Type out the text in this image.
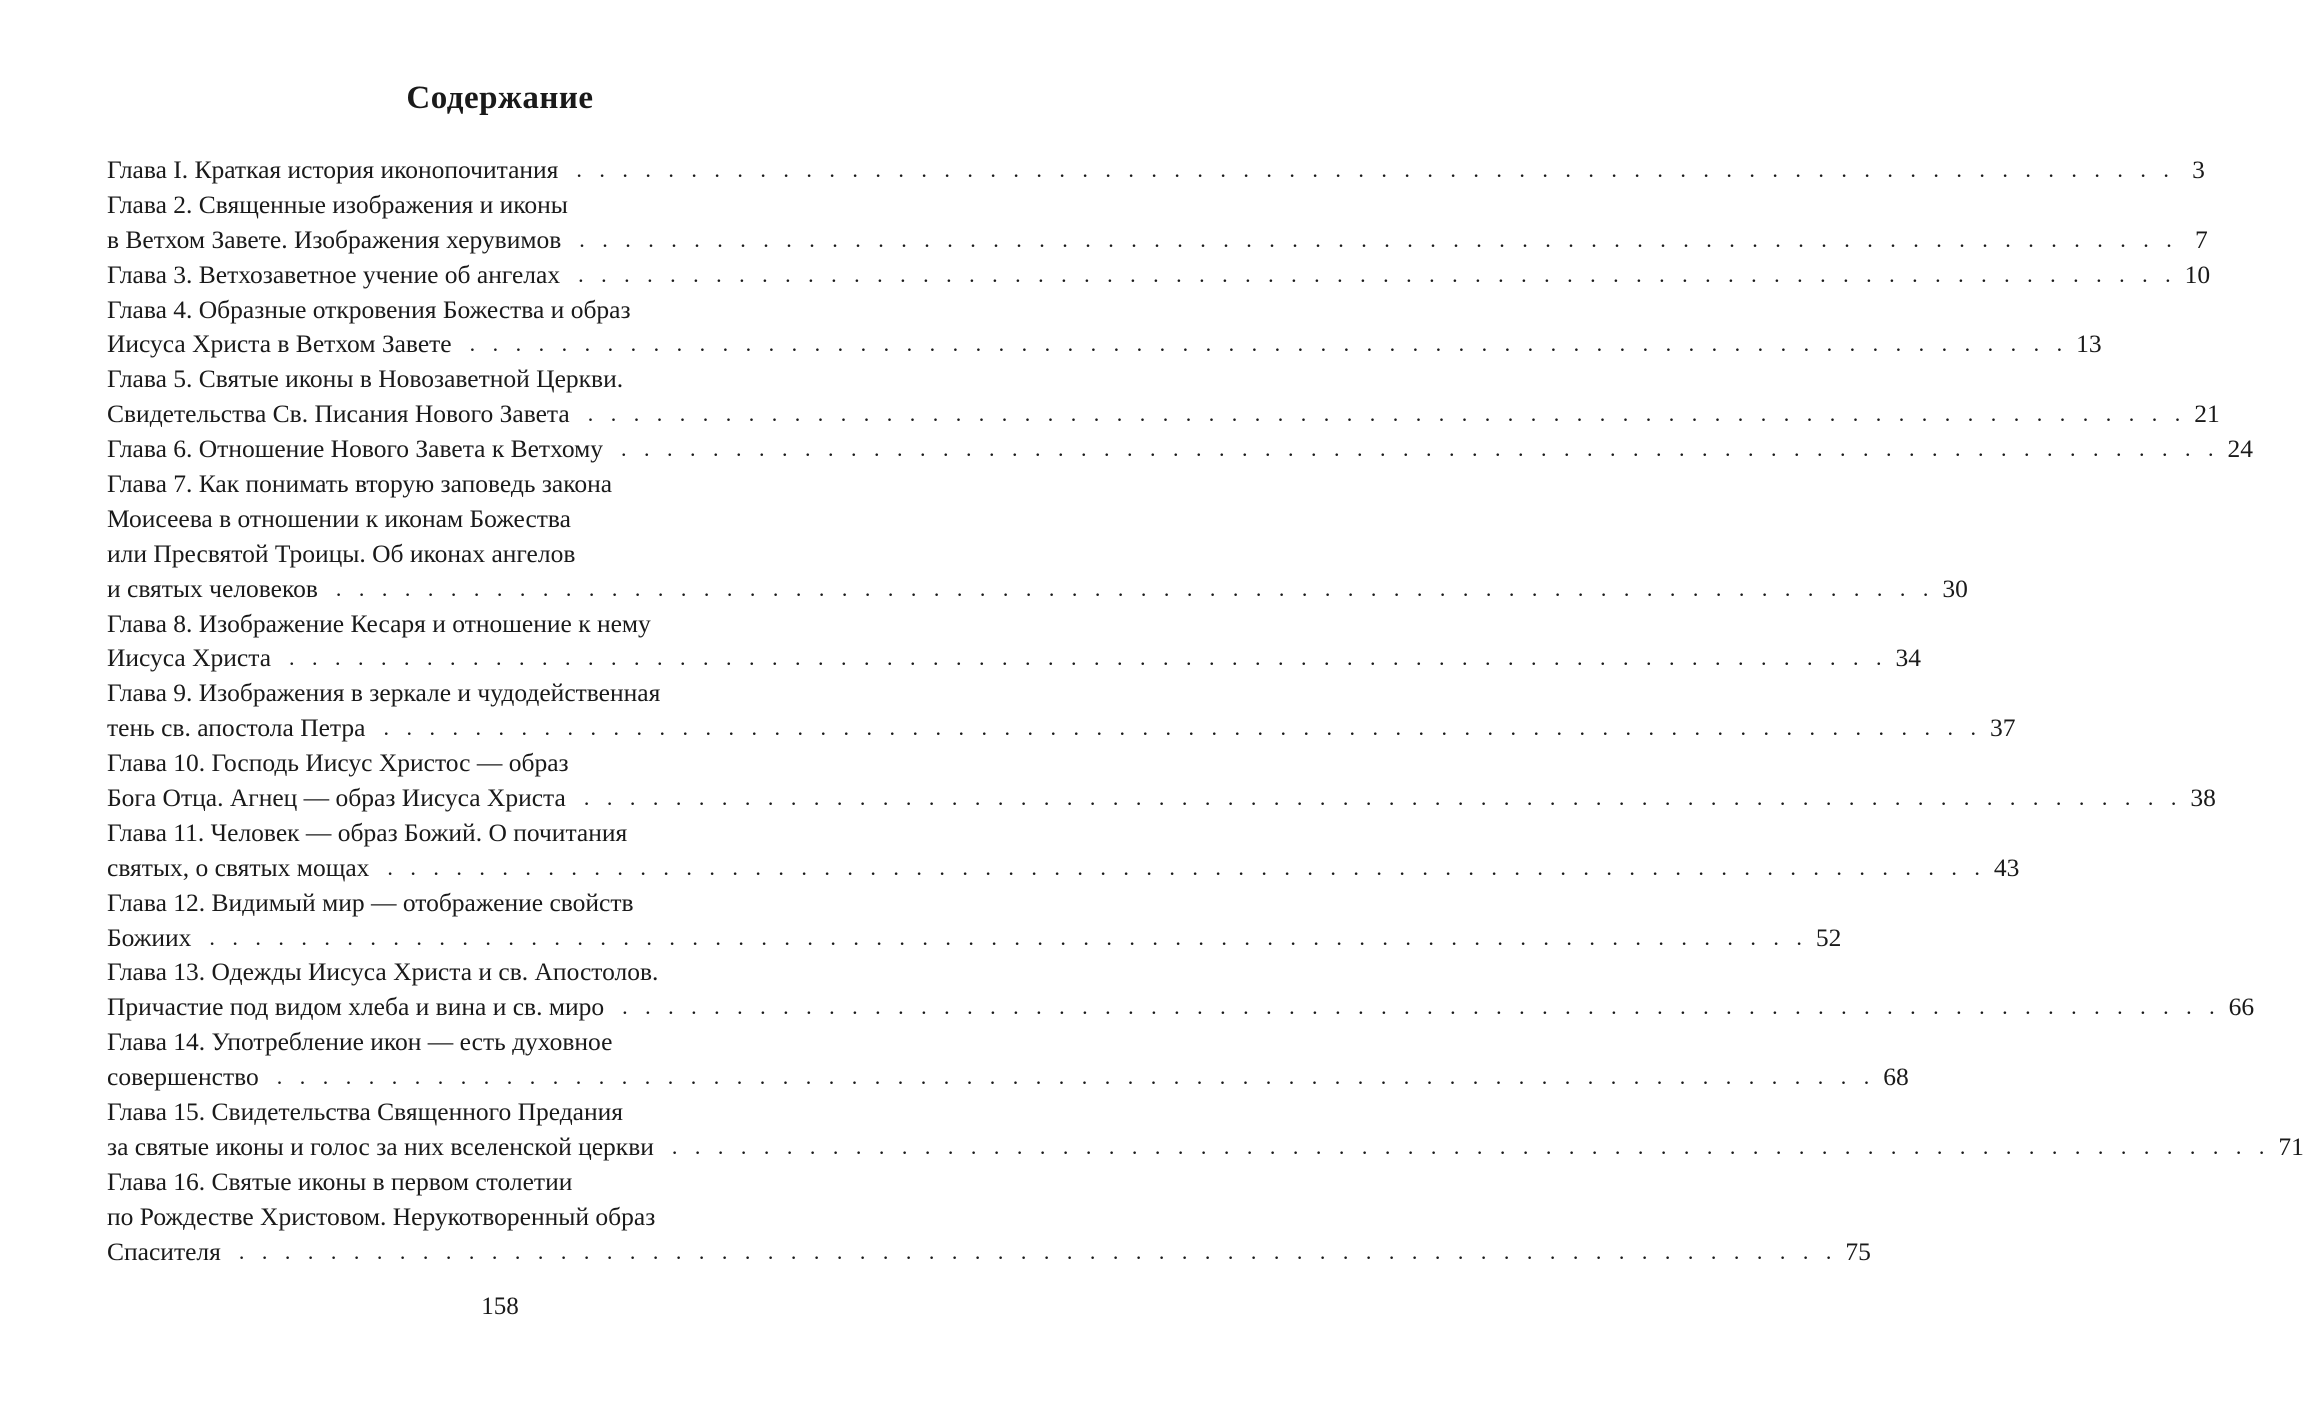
Содержание
Глава I. Краткая история иконопочитания . . . . . . . . . . . . . . . . . . . . . . . . . . . . . . . . . . . . . . . . . . . . . . . . . . . . . . . . . . . . . . . . . . . . . . 3
Глава 2. Священные изображения и иконы
в Ветхом Завете. Изображения херувимов . . . . . . . . . . . . . . . . . . . . . . . . . . . . . . . . . . . . . . . . . . . . . . . . . . . . . . . . . . . . . . . . . . . . . . 7
Глава 3. Ветхозаветное учение об ангелах . . . . . . . . . . . . . . . . . . . . . . . . . . . . . . . . . . . . . . . . . . . . . . . . . . . . . . . . . . . . . . . . . . . . . . 10
Глава 4. Образные откровения Божества и образ
Иисуса Христа в Ветхом Завете . . . . . . . . . . . . . . . . . . . . . . . . . . . . . . . . . . . . . . . . . . . . . . . . . . . . . . . . . . . . . . . . . . . . . . 13
Глава 5. Святые иконы в Новозаветной Церкви.
Свидетельства Св. Писания Нового Завета . . . . . . . . . . . . . . . . . . . . . . . . . . . . . . . . . . . . . . . . . . . . . . . . . . . . . . . . . . . . . . . . . . . . . . 21
Глава 6. Отношение Нового Завета к Ветхому . . . . . . . . . . . . . . . . . . . . . . . . . . . . . . . . . . . . . . . . . . . . . . . . . . . . . . . . . . . . . . . . . . . . . . 24
Глава 7. Как понимать вторую заповедь закона
Моисеева в отношении к иконам Божества
или Пресвятой Троицы. Об иконах ангелов
и святых человеков . . . . . . . . . . . . . . . . . . . . . . . . . . . . . . . . . . . . . . . . . . . . . . . . . . . . . . . . . . . . . . . . . . . . . . 30
Глава 8. Изображение Кесаря и отношение к нему
Иисуса Христа . . . . . . . . . . . . . . . . . . . . . . . . . . . . . . . . . . . . . . . . . . . . . . . . . . . . . . . . . . . . . . . . . . . . . . 34
Глава 9. Изображения в зеркале и чудодейственная
тень св. апостола Петра . . . . . . . . . . . . . . . . . . . . . . . . . . . . . . . . . . . . . . . . . . . . . . . . . . . . . . . . . . . . . . . . . . . . . . 37
Глава 10. Господь Иисус Христос — образ
Бога Отца. Агнец — образ Иисуса Христа . . . . . . . . . . . . . . . . . . . . . . . . . . . . . . . . . . . . . . . . . . . . . . . . . . . . . . . . . . . . . . . . . . . . . . 38
Глава 11. Человек — образ Божий. О почитания
святых, о святых мощах . . . . . . . . . . . . . . . . . . . . . . . . . . . . . . . . . . . . . . . . . . . . . . . . . . . . . . . . . . . . . . . . . . . . . . 43
Глава 12. Видимый мир — отображение свойств
Божиих . . . . . . . . . . . . . . . . . . . . . . . . . . . . . . . . . . . . . . . . . . . . . . . . . . . . . . . . . . . . . . . . . . . . . . 52
Глава 13. Одежды Иисуса Христа и св. Апостолов.
Причастие под видом хлеба и вина и св. миро . . . . . . . . . . . . . . . . . . . . . . . . . . . . . . . . . . . . . . . . . . . . . . . . . . . . . . . . . . . . . . . . . . . . . . 66
Глава 14. Употребление икон — есть духовное
совершенство . . . . . . . . . . . . . . . . . . . . . . . . . . . . . . . . . . . . . . . . . . . . . . . . . . . . . . . . . . . . . . . . . . . . . . 68
Глава 15. Свидетельства Священного Предания
за святые иконы и голос за них вселенской церкви . . . . . . . . . . . . . . . . . . . . . . . . . . . . . . . . . . . . . . . . . . . . . . . . . . . . . . . . . . . . . . . . . . . . . . 71
Глава 16. Святые иконы в первом столетии
по Рождестве Христовом. Нерукотворенный образ
Спасителя . . . . . . . . . . . . . . . . . . . . . . . . . . . . . . . . . . . . . . . . . . . . . . . . . . . . . . . . . . . . . . . . . . . . . . 75
158
